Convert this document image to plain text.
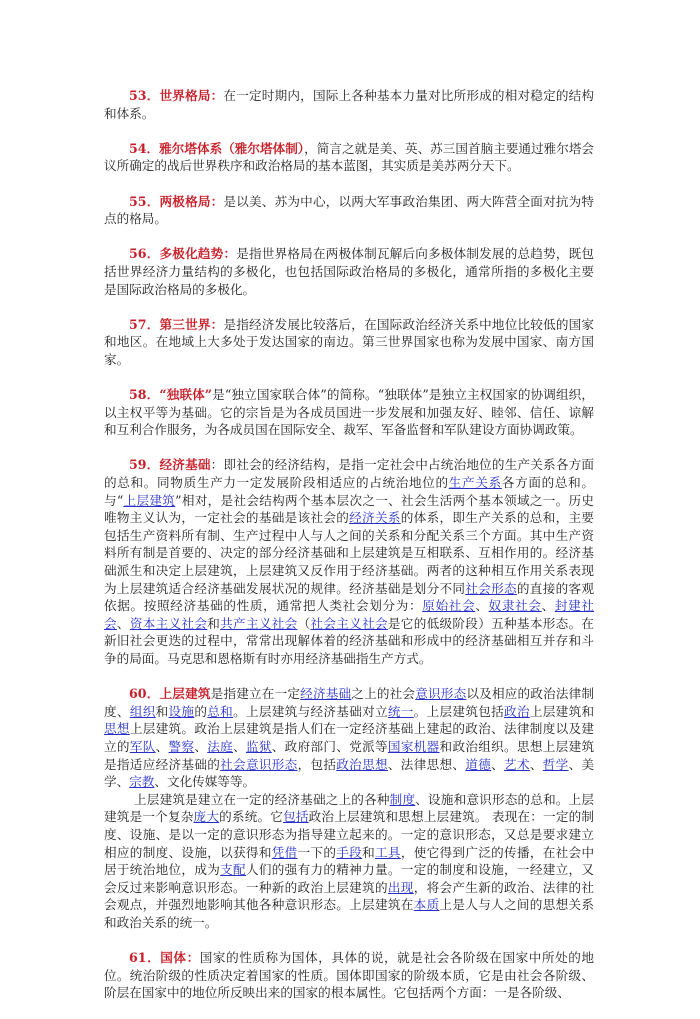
53．世界格局：在一定时期内，国际上各种基本力量对比所形成的相对稳定的结构和体系。

54．雅尔塔体系（雅尔塔体制），简言之就是美、英、苏三国首脑主要通过雅尔塔会议所确定的战后世界秩序和政治格局的基本蓝图，其实质是美苏两分天下。

55．两极格局：是以美、苏为中心，以两大军事政治集团、两大阵营全面对抗为特点的格局。

56．多极化趋势：是指世界格局在两极体制瓦解后向多极体制发展的总趋势，既包括世界经济力量结构的多极化，也包括国际政治格局的多极化，通常所指的多极化主要是国际政治格局的多极化。

57．第三世界：是指经济发展比较落后，在国际政治经济关系中地位比较低的国家和地区。在地域上大多处于发达国家的南边。第三世界国家也称为发展中国家、南方国家。

58．“独联体”是“独立国家联合体”的简称。“独联体”是独立主权国家的协调组织，以主权平等为基础。它的宗旨是为各成员国进一步发展和加强友好、睦邻、信任、谅解和互利合作服务，为各成员国在国际安全、裁军、军备监督和军队建设方面协调政策。

59．经济基础：即社会的经济结构，是指一定社会中占统治地位的生产关系各方面的总和。同物质生产力一定发展阶段相适应的占统治地位的生产关系各方面的总和。与“上层建筑”相对，是社会结构两个基本层次之一、社会生活两个基本领域之一。历史唯物主义认为，一定社会的基础是该社会的经济关系的体系，即生产关系的总和，主要包括生产资料所有制、生产过程中人与人之间的关系和分配关系三个方面。其中生产资料所有制是首要的、决定的部分经济基础和上层建筑是互相联系、互相作用的。经济基础派生和决定上层建筑，上层建筑又反作用于经济基础。两者的这种相互作用关系表现为上层建筑适合经济基础发展状况的规律。经济基础是划分不同社会形态的直接的客观依据。按照经济基础的性质，通常把人类社会划分为：原始社会、奴隶社会、封建社会、资本主义社会和共产主义社会（社会主义社会是它的低级阶段）五种基本形态。在新旧社会更迭的过程中，常常出现解体着的经济基础和形成中的经济基础相互并存和斗争的局面。马克思和恩格斯有时亦用经济基础指生产方式。

60．上层建筑是指建立在一定经济基础之上的社会意识形态以及相应的政治法律制度、组织和设施的总和。上层建筑与经济基础对立统一。上层建筑包括政治上层建筑和思想上层建筑。政治上层建筑是指人们在一定经济基础上建起的政治、法律制度以及建立的军队、警察、法庭、监狱、政府部门、党派等国家机器和政治组织。思想上层建筑是指适应经济基础的社会意识形态，包括政治思想、法律思想、道德、艺术、哲学、美学、宗教、文化传媒等等。

上层建筑是建立在一定的经济基础之上的各种制度、设施和意识形态的总和。上层建筑是一个复杂庞大的系统。它包括政治上层建筑和思想上层建筑。 表现在：一定的制度、设施、是以一定的意识形态为指导建立起来的。一定的意识形态，又总是要求建立相应的制度、设施，以获得和凭借一下的手段和工具，使它得到广泛的传播，在社会中居于统治地位，成为支配人们的强有力的精神力量。一定的制度和设施，一经建立，又会反过来影响意识形态。一种新的政治上层建筑的出现，将会产生新的政治、法律的社会观点，并强烈地影响其他各种意识形态。上层建筑在本质上是人与人之间的思想关系和政治关系的统一。

61．国体：国家的性质称为国体，具体的说，就是社会各阶级在国家中所处的地位。统治阶级的性质决定着国家的性质。国体即国家的阶级本质，它是由社会各阶级、阶层在国家中的地位所反映出来的国家的根本属性。它包括两个方面：一是各阶级、
